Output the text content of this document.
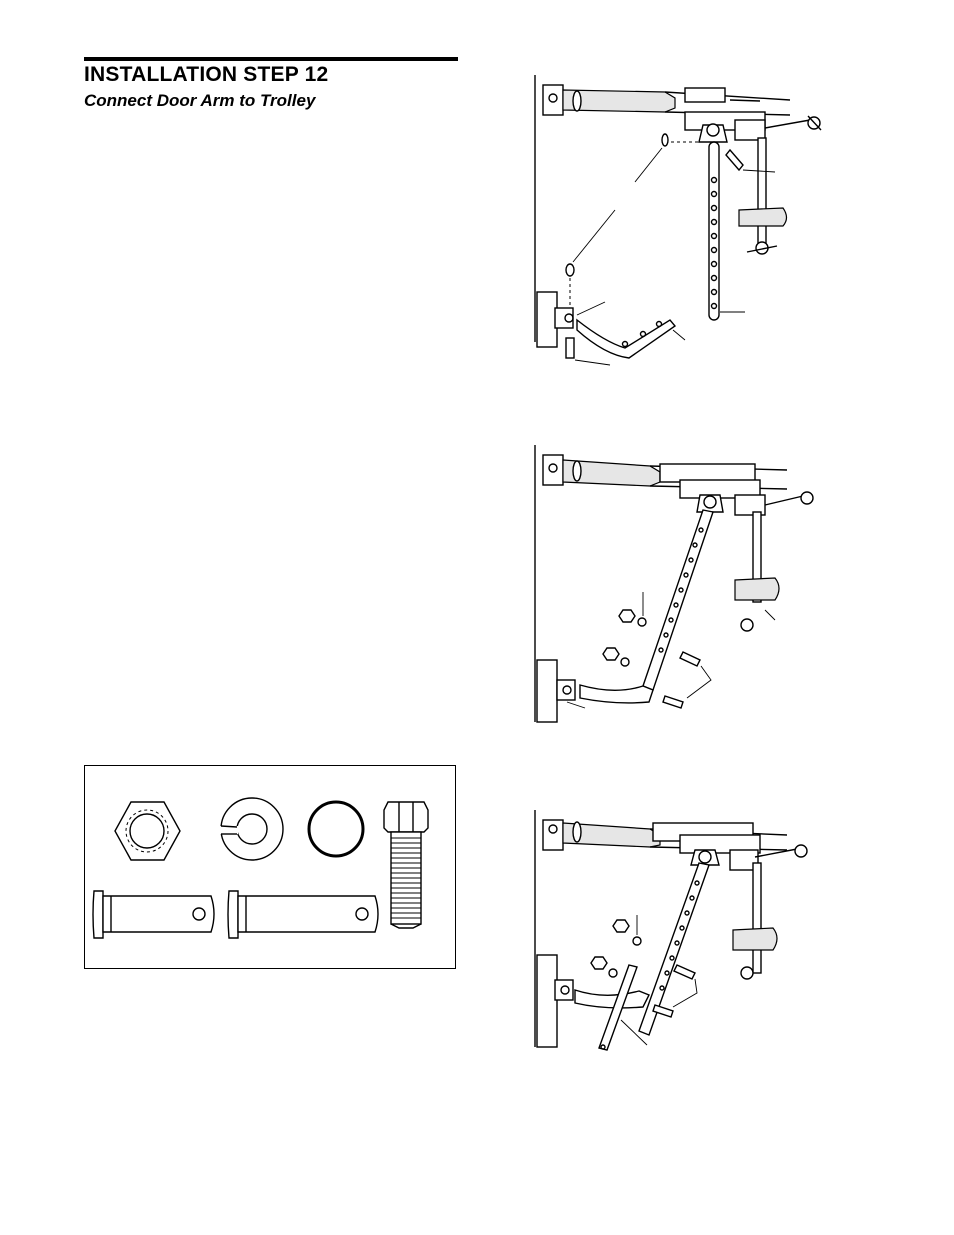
INSTALLATION STEP 12
Connect Door Arm to Trolley
